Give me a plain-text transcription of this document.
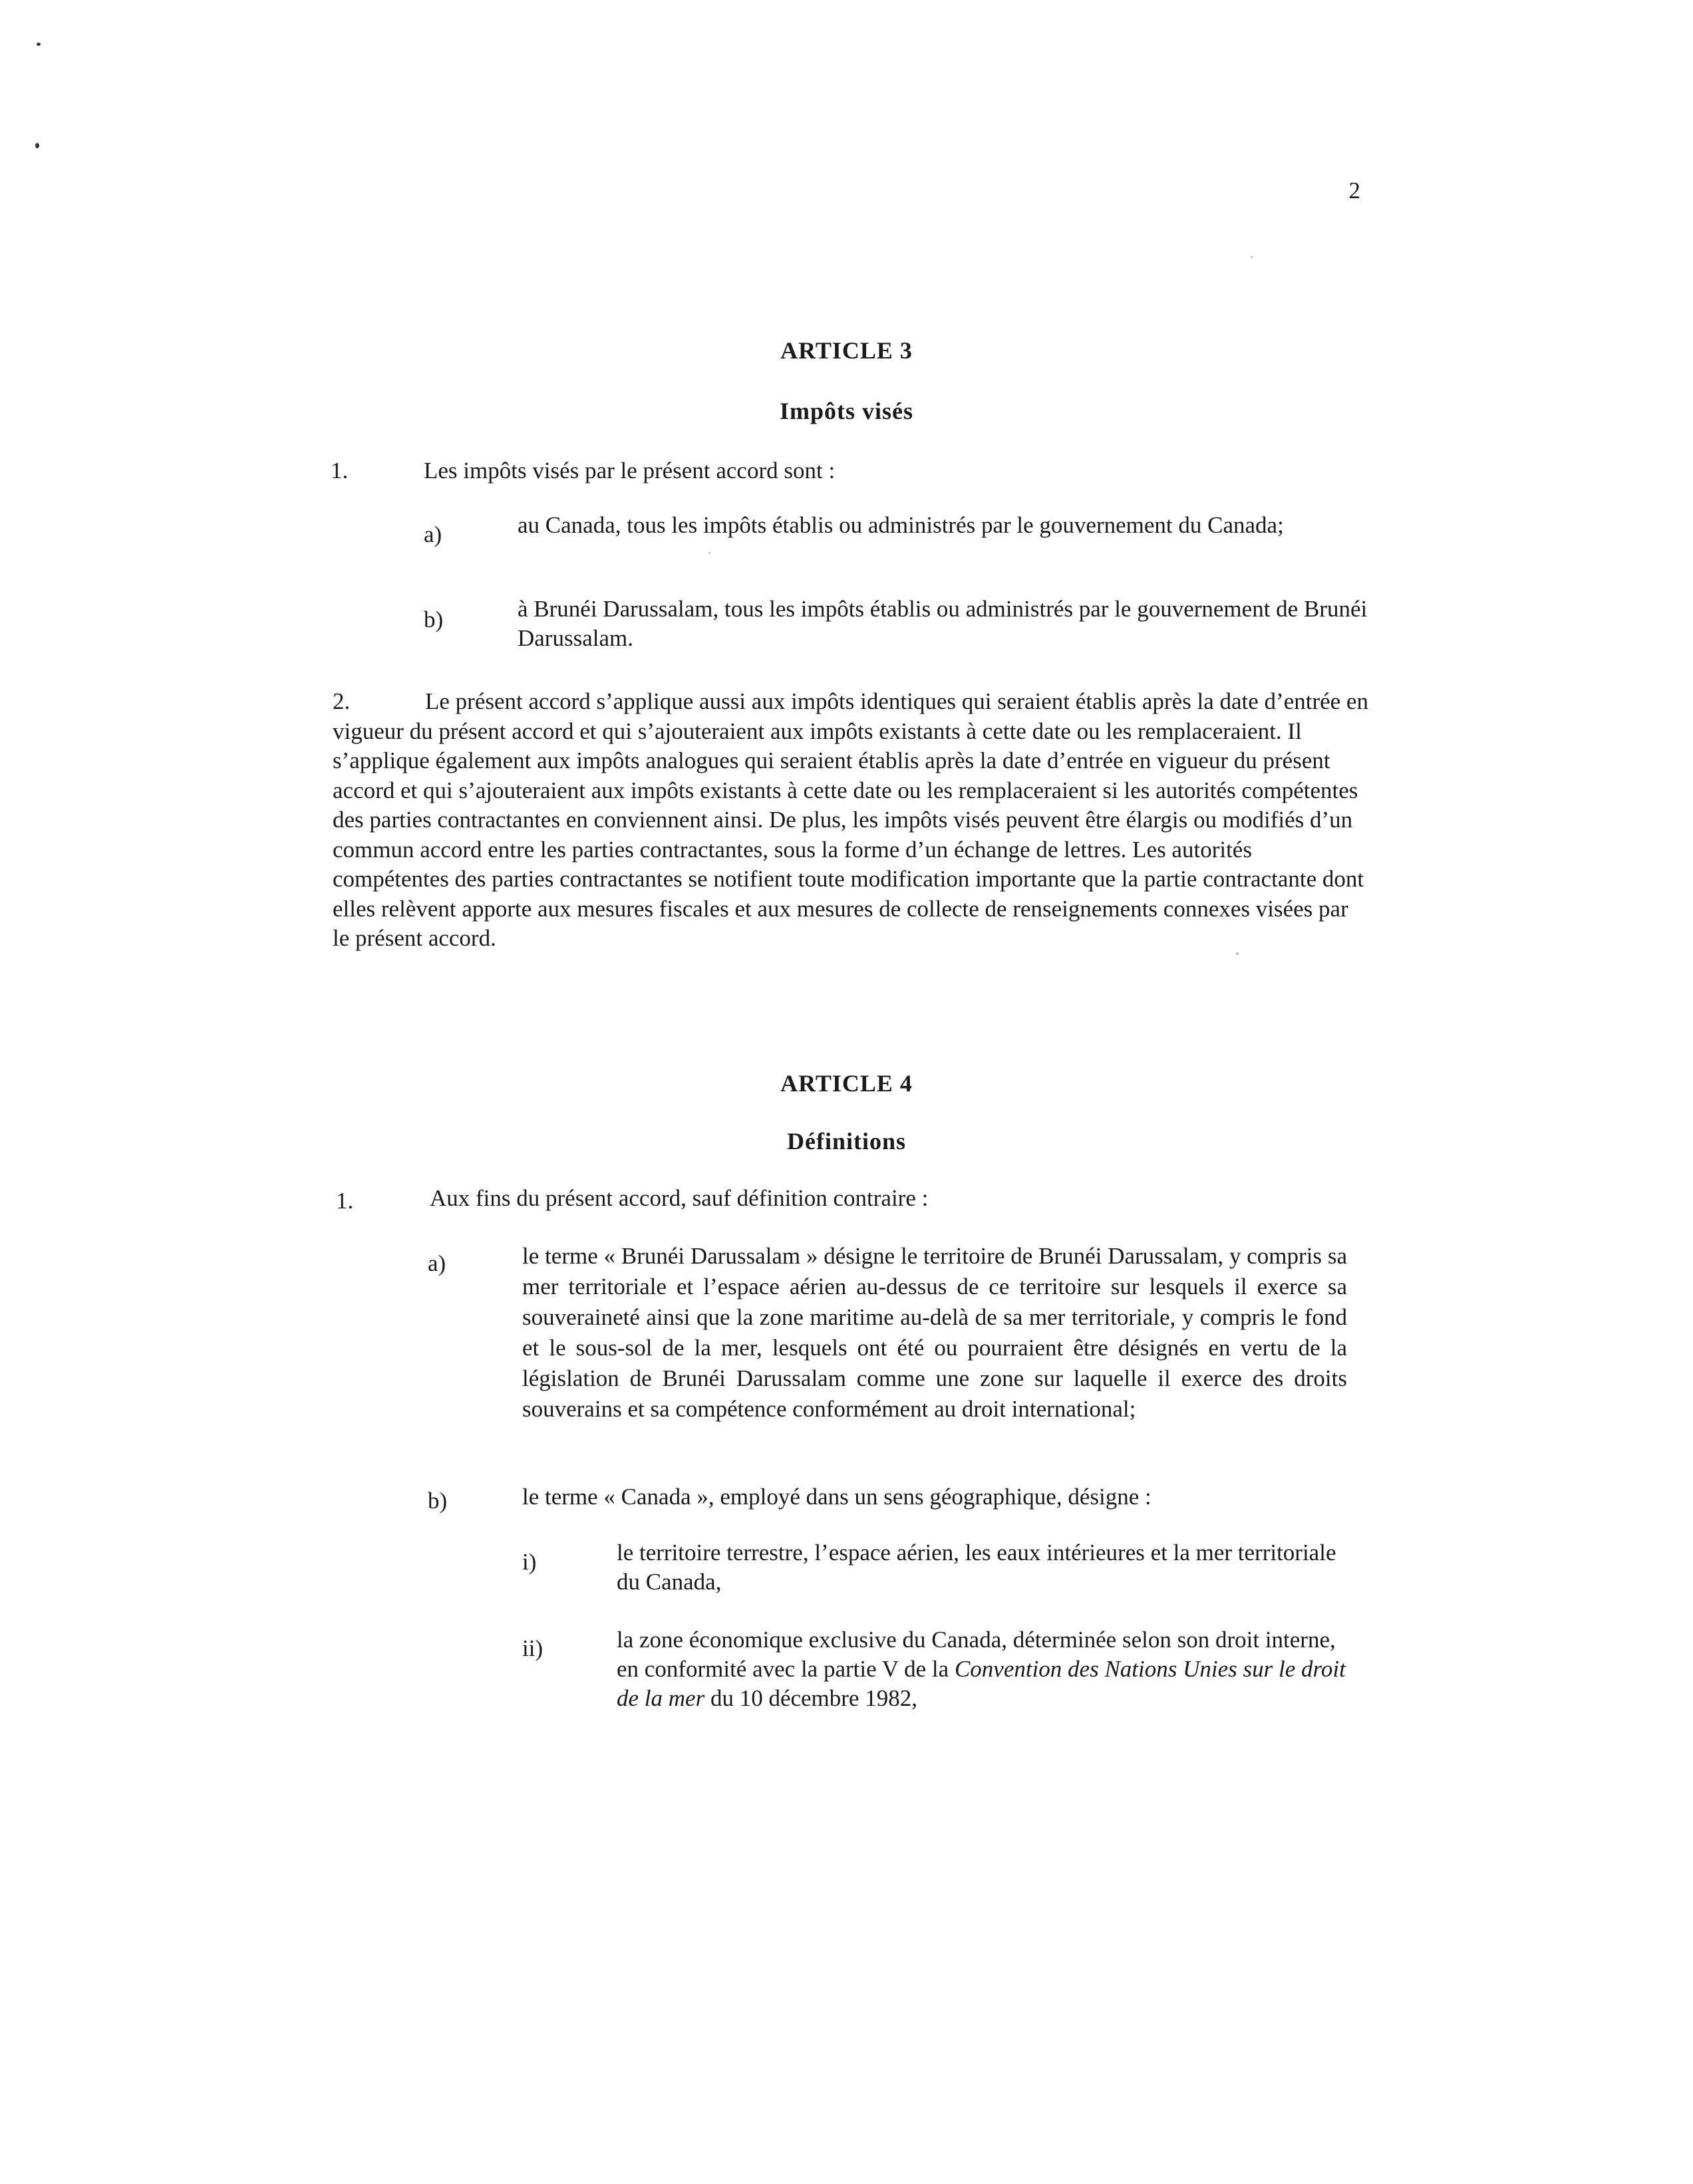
2
ARTICLE 3
Impôts visés
1.	Les impôts visés par le présent accord sont :
a)	au Canada, tous les impôts établis ou administrés par le gouvernement du Canada;
b)	à Brunéi Darussalam, tous les impôts établis ou administrés par le gouvernement de Brunéi Darussalam.
2.	Le présent accord s’applique aussi aux impôts identiques qui seraient établis après la date d’entrée en vigueur du présent accord et qui s’ajouteraient aux impôts existants à cette date ou les remplaceraient. Il s’applique également aux impôts analogues qui seraient établis après la date d’entrée en vigueur du présent accord et qui s’ajouteraient aux impôts existants à cette date ou les remplaceraient si les autorités compétentes des parties contractantes en conviennent ainsi. De plus, les impôts visés peuvent être élargis ou modifiés d’un commun accord entre les parties contractantes, sous la forme d’un échange de lettres. Les autorités compétentes des parties contractantes se notifient toute modification importante que la partie contractante dont elles relèvent apporte aux mesures fiscales et aux mesures de collecte de renseignements connexes visées par le présent accord.
ARTICLE 4
Définitions
1.	Aux fins du présent accord, sauf définition contraire :
a)	le terme « Brunéi Darussalam » désigne le territoire de Brunéi Darussalam, y compris sa mer territoriale et l’espace aérien au-dessus de ce territoire sur lesquels il exerce sa souveraineté ainsi que la zone maritime au-delà de sa mer territoriale, y compris le fond et le sous-sol de la mer, lesquels ont été ou pourraient être désignés en vertu de la législation de Brunéi Darussalam comme une zone sur laquelle il exerce des droits souverains et sa compétence conformément au droit international;
b)	le terme « Canada », employé dans un sens géographique, désigne :
i)	le territoire terrestre, l’espace aérien, les eaux intérieures et la mer territoriale du Canada,
ii)	la zone économique exclusive du Canada, déterminée selon son droit interne, en conformité avec la partie V de la Convention des Nations Unies sur le droit de la mer du 10 décembre 1982,
